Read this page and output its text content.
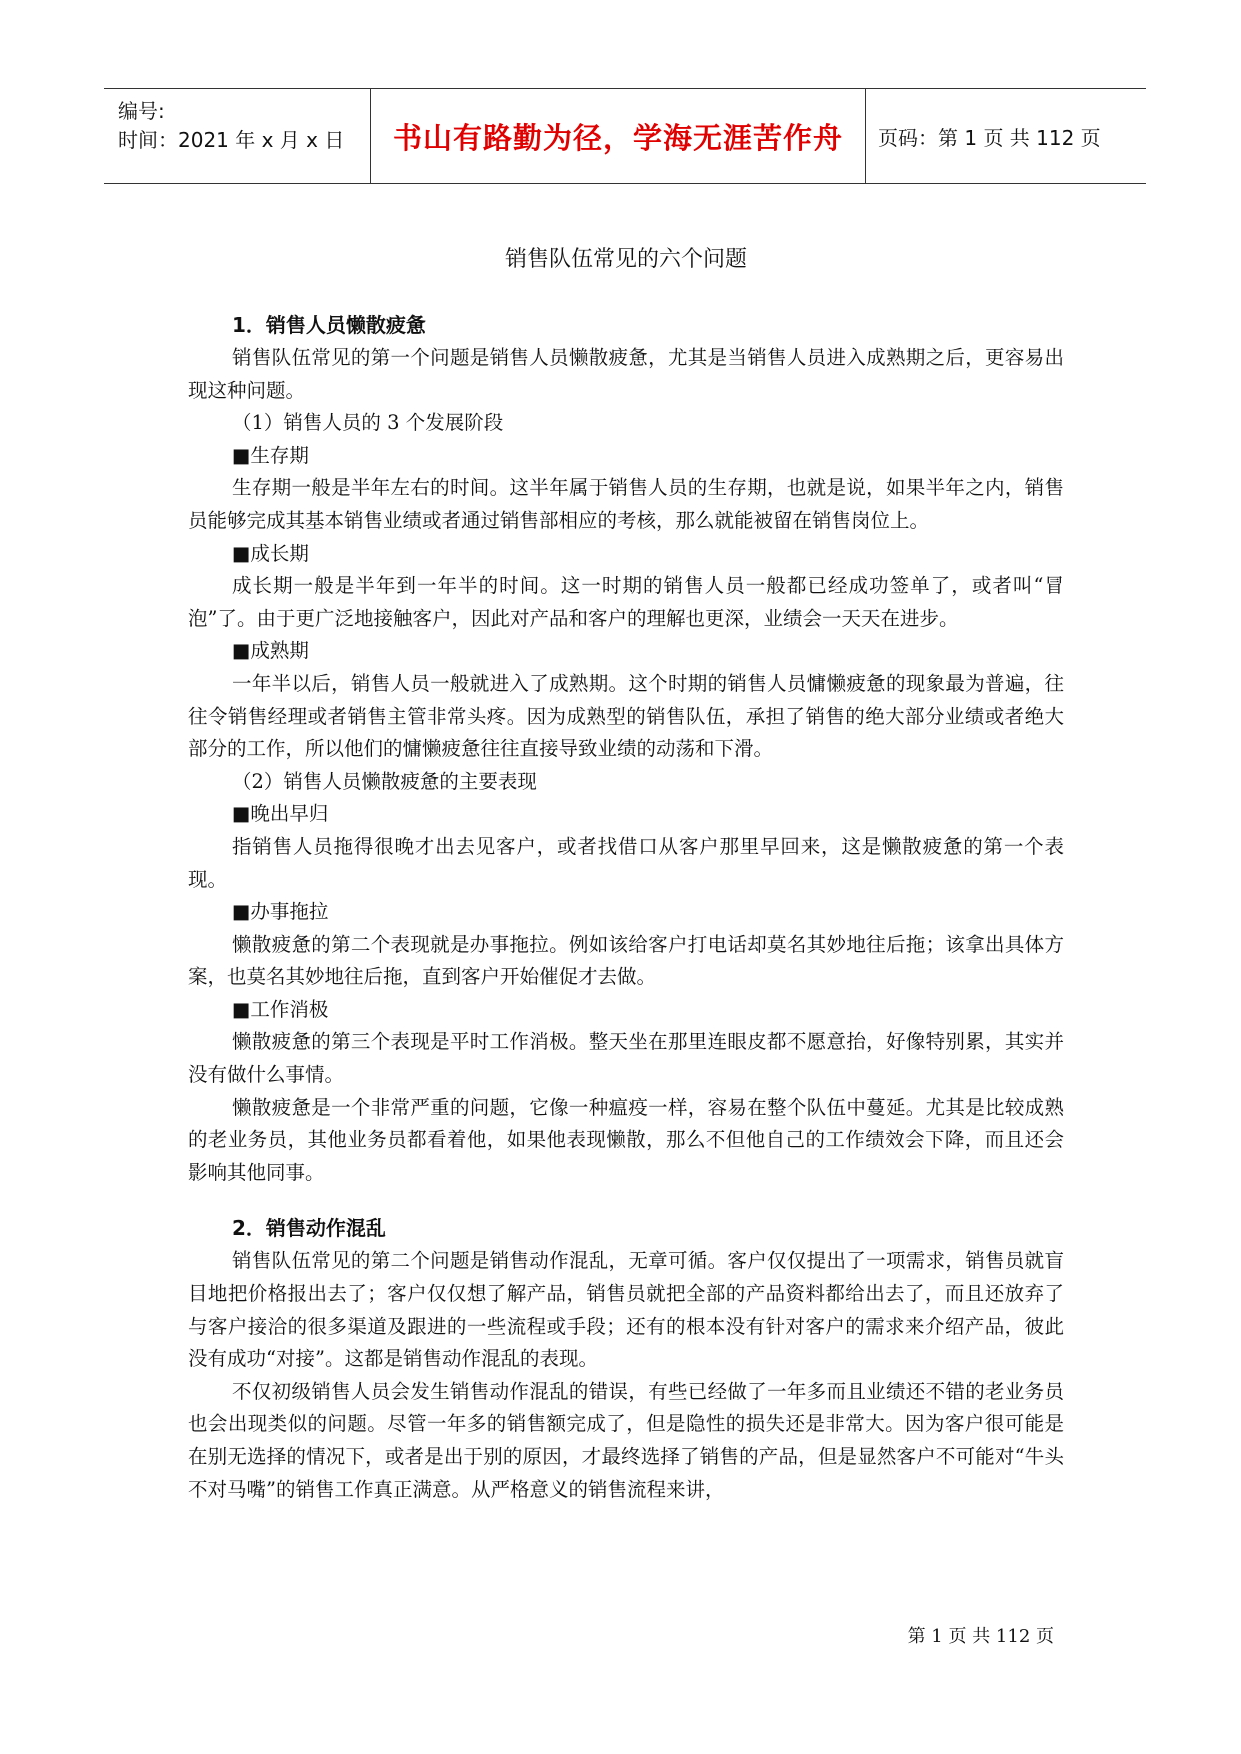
编号:
时间：2021 年 x 月 x 日	书山有路勤为径，学海无涯苦作舟	页码：第 1 页 共 112 页
销售队伍常见的六个问题
1．销售人员懒散疲惫

销售队伍常见的第一个问题是销售人员懒散疲惫，尤其是当销售人员进入成熟期之后，更容易出现这种问题。

（1）销售人员的 3 个发展阶段

■生存期

生存期一般是半年左右的时间。这半年属于销售人员的生存期，也就是说，如果半年之内，销售员能够完成其基本销售业绩或者通过销售部相应的考核，那么就能被留在销售岗位上。

■成长期

成长期一般是半年到一年半的时间。这一时期的销售人员一般都已经成功签单了，或者叫“冒泡”了。由于更广泛地接触客户，因此对产品和客户的理解也更深，业绩会一天天在进步。

■成熟期

一年半以后，销售人员一般就进入了成熟期。这个时期的销售人员慵懒疲惫的现象最为普遍，往往令销售经理或者销售主管非常头疼。因为成熟型的销售队伍，承担了销售的绝大部分业绩或者绝大部分的工作，所以他们的慵懒疲惫往往直接导致业绩的动荡和下滑。

（2）销售人员懒散疲惫的主要表现

■晚出早归

指销售人员拖得很晚才出去见客户，或者找借口从客户那里早回来，这是懒散疲惫的第一个表现。

■办事拖拉

懒散疲惫的第二个表现就是办事拖拉。例如该给客户打电话却莫名其妙地往后拖；该拿出具体方案，也莫名其妙地往后拖，直到客户开始催促才去做。

■工作消极

懒散疲惫的第三个表现是平时工作消极。整天坐在那里连眼皮都不愿意抬，好像特别累，其实并没有做什么事情。

懒散疲惫是一个非常严重的问题，它像一种瘟疫一样，容易在整个队伍中蔓延。尤其是比较成熟的老业务员，其他业务员都看着他，如果他表现懒散，那么不但他自己的工作绩效会下降，而且还会影响其他同事。

2．销售动作混乱

销售队伍常见的第二个问题是销售动作混乱，无章可循。客户仅仅提出了一项需求，销售员就盲目地把价格报出去了；客户仅仅想了解产品，销售员就把全部的产品资料都给出去了，而且还放弃了与客户接洽的很多渠道及跟进的一些流程或手段；还有的根本没有针对客户的需求来介绍产品，彼此没有成功“对接”。这都是销售动作混乱的表现。

不仅初级销售人员会发生销售动作混乱的错误，有些已经做了一年多而且业绩还不错的老业务员也会出现类似的问题。尽管一年多的销售额完成了，但是隐性的损失还是非常大。因为客户很可能是在别无选择的情况下，或者是出于别的原因，才最终选择了销售的产品，但是显然客户不可能对“牛头不对马嘴”的销售工作真正满意。从严格意义的销售流程来讲，

第 1 页 共 112 页
